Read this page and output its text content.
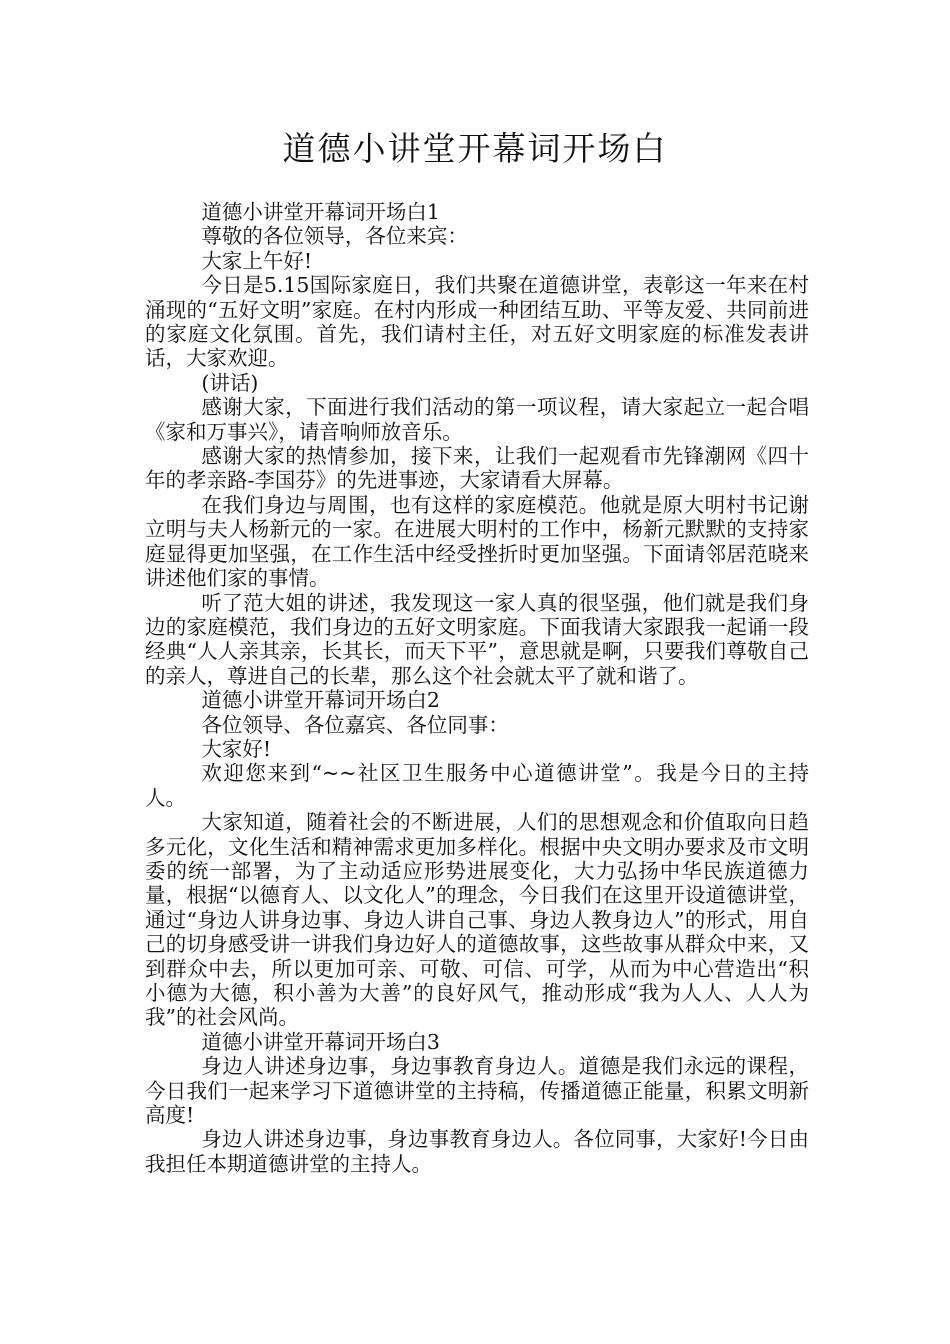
道德小讲堂开幕词开场白

道德小讲堂开幕词开场白1

尊敬的各位领导，各位来宾：

大家上午好!

今日是5.15国际家庭日，我们共聚在道德讲堂，表彰这一年来在村涌现的“五好文明”家庭。在村内形成一种团结互助、平等友爱、共同前进的家庭文化氛围。首先，我们请村主任，对五好文明家庭的标准发表讲话，大家欢迎。

(讲话)

感谢大家，下面进行我们活动的第一项议程，请大家起立一起合唱《家和万事兴》，请音响师放音乐。

感谢大家的热情参加，接下来，让我们一起观看市先锋潮网《四十年的孝亲路-李国芬》的先进事迹，大家请看大屏幕。

在我们身边与周围，也有这样的家庭模范。他就是原大明村书记谢立明与夫人杨新元的一家。在进展大明村的工作中，杨新元默默的支持家庭显得更加坚强，在工作生活中经受挫折时更加坚强。下面请邻居范晓来讲述他们家的事情。

听了范大姐的讲述，我发现这一家人真的很坚强，他们就是我们身边的家庭模范，我们身边的五好文明家庭。下面我请大家跟我一起诵一段经典“人人亲其亲，长其长，而天下平”，意思就是啊，只要我们尊敬自己的亲人，尊进自己的长辈，那么这个社会就太平了就和谐了。

道德小讲堂开幕词开场白2

各位领导、各位嘉宾、各位同事：

大家好!

欢迎您来到“~~社区卫生服务中心道德讲堂”。我是今日的主持人。

大家知道，随着社会的不断进展，人们的思想观念和价值取向日趋多元化，文化生活和精神需求更加多样化。根据中央文明办要求及市文明委的统一部署，为了主动适应形势进展变化，大力弘扬中华民族道德力量，根据“以德育人、以文化人”的理念，今日我们在这里开设道德讲堂，通过“身边人讲身边事、身边人讲自己事、身边人教身边人”的形式，用自己的切身感受讲一讲我们身边好人的道德故事，这些故事从群众中来，又到群众中去，所以更加可亲、可敬、可信、可学，从而为中心营造出“积小德为大德，积小善为大善”的良好风气，推动形成“我为人人、人人为我”的社会风尚。

道德小讲堂开幕词开场白3

身边人讲述身边事，身边事教育身边人。道德是我们永远的课程，今日我们一起来学习下道德讲堂的主持稿，传播道德正能量，积累文明新高度!

身边人讲述身边事，身边事教育身边人。各位同事，大家好!今日由我担任本期道德讲堂的主持人。
